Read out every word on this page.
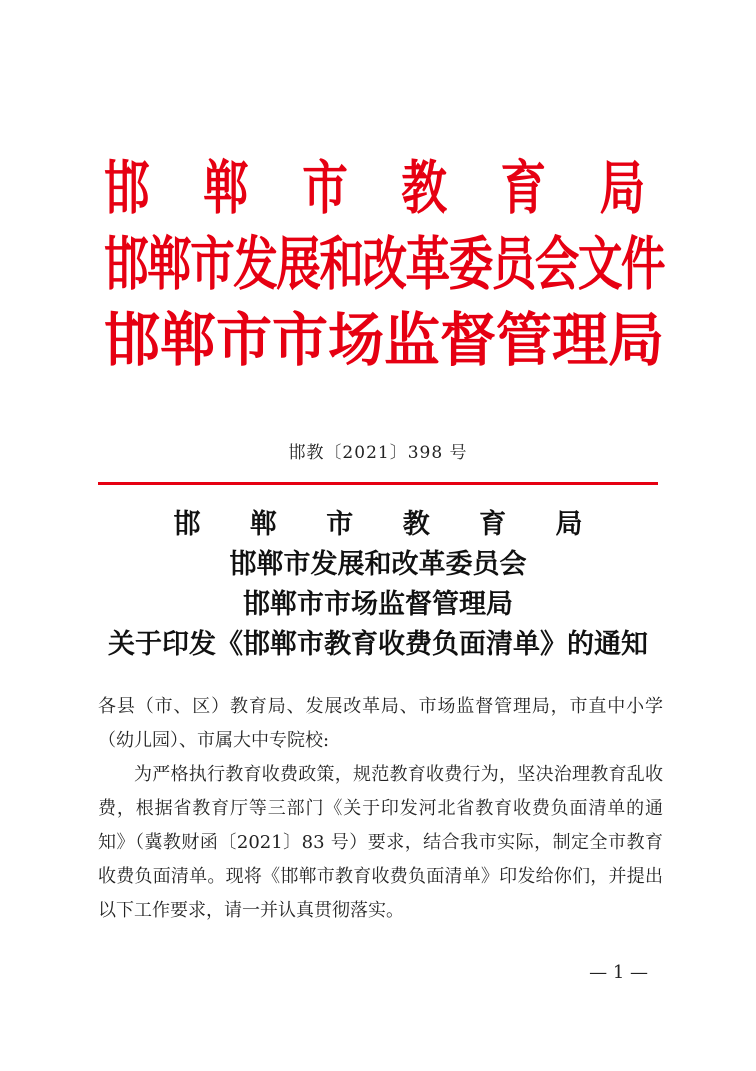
邯 郸 市 教 育 局
邯郸市发展和改革委员会文件
邯郸市市场监督管理局
邯教〔2021〕398 号
邯 郸 市 教 育 局
邯郸市发展和改革委员会
邯郸市市场监督管理局
关于印发《邯郸市教育收费负面清单》的通知

各县（市、区）教育局、发展改革局、市场监督管理局，市直中小学（幼儿园）、市属大中专院校:

为严格执行教育收费政策，规范教育收费行为，坚决治理教育乱收费，根据省教育厅等三部门《关于印发河北省教育收费负面清单的通知》（冀教财函〔2021〕83 号）要求，结合我市实际，制定全市教育收费负面清单。现将《邯郸市教育收费负面清单》印发给你们，并提出以下工作要求，请一并认真贯彻落实。

— 1 —
